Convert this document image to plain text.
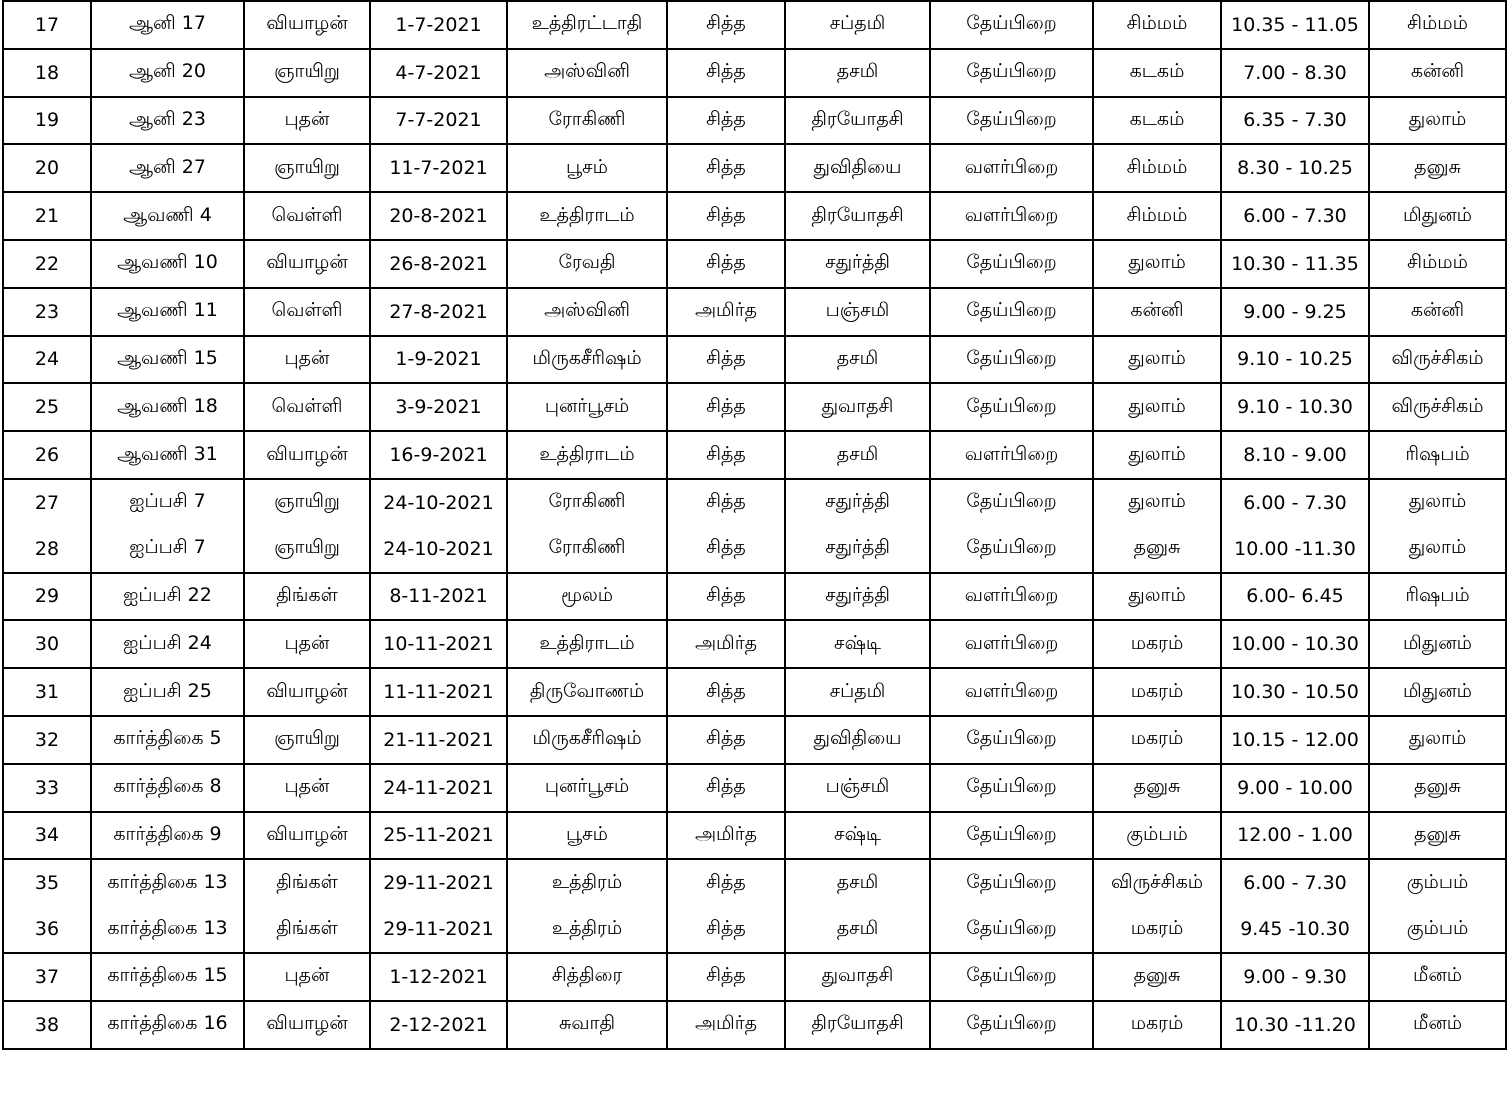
17	ஆனி 17	வியாழன்	1-7-2021	உத்திரட்டாதி	சித்த	சப்தமி	தேய்பிறை	சிம்மம்	10.35 - 11.05	சிம்மம்
18	ஆனி 20	ஞாயிறு	4-7-2021	அஸ்வினி	சித்த	தசமி	தேய்பிறை	கடகம்	7.00 - 8.30	கன்னி
19	ஆனி 23	புதன்	7-7-2021	ரோகிணி	சித்த	திரயோதசி	தேய்பிறை	கடகம்	6.35 - 7.30	துலாம்
20	ஆனி 27	ஞாயிறு	11-7-2021	பூசம்	சித்த	துவிதியை	வளர்பிறை	சிம்மம்	8.30 - 10.25	தனுசு
21	ஆவணி 4	வெள்ளி	20-8-2021	உத்திராடம்	சித்த	திரயோதசி	வளர்பிறை	சிம்மம்	6.00 - 7.30	மிதுனம்
22	ஆவணி 10	வியாழன்	26-8-2021	ரேவதி	சித்த	சதுர்த்தி	தேய்பிறை	துலாம்	10.30 - 11.35	சிம்மம்
23	ஆவணி 11	வெள்ளி	27-8-2021	அஸ்வினி	அமிர்த	பஞ்சமி	தேய்பிறை	கன்னி	9.00 - 9.25	கன்னி
24	ஆவணி 15	புதன்	1-9-2021	மிருகசீரிஷம்	சித்த	தசமி	தேய்பிறை	துலாம்	9.10 - 10.25	விருச்சிகம்
25	ஆவணி 18	வெள்ளி	3-9-2021	புனர்பூசம்	சித்த	துவாதசி	தேய்பிறை	துலாம்	9.10 - 10.30	விருச்சிகம்
26	ஆவணி 31	வியாழன்	16-9-2021	உத்திராடம்	சித்த	தசமி	வளர்பிறை	துலாம்	8.10 - 9.00	ரிஷபம்
27	ஐப்பசி 7	ஞாயிறு	24-10-2021	ரோகிணி	சித்த	சதுர்த்தி	தேய்பிறை	துலாம்	6.00 - 7.30	துலாம்
28	ஐப்பசி 7	ஞாயிறு	24-10-2021	ரோகிணி	சித்த	சதுர்த்தி	தேய்பிறை	தனுசு	10.00 -11.30	துலாம்
29	ஐப்பசி 22	திங்கள்	8-11-2021	மூலம்	சித்த	சதுர்த்தி	வளர்பிறை	துலாம்	6.00- 6.45	ரிஷபம்
30	ஐப்பசி 24	புதன்	10-11-2021	உத்திராடம்	அமிர்த	சஷ்டி	வளர்பிறை	மகரம்	10.00 - 10.30	மிதுனம்
31	ஐப்பசி 25	வியாழன்	11-11-2021	திருவோணம்	சித்த	சப்தமி	வளர்பிறை	மகரம்	10.30 - 10.50	மிதுனம்
32	கார்த்திகை 5	ஞாயிறு	21-11-2021	மிருகசீரிஷம்	சித்த	துவிதியை	தேய்பிறை	மகரம்	10.15 - 12.00	துலாம்
33	கார்த்திகை 8	புதன்	24-11-2021	புனர்பூசம்	சித்த	பஞ்சமி	தேய்பிறை	தனுசு	9.00 - 10.00	தனுசு
34	கார்த்திகை 9	வியாழன்	25-11-2021	பூசம்	அமிர்த	சஷ்டி	தேய்பிறை	கும்பம்	12.00 - 1.00	தனுசு
35	கார்த்திகை 13	திங்கள்	29-11-2021	உத்திரம்	சித்த	தசமி	தேய்பிறை	விருச்சிகம்	6.00 - 7.30	கும்பம்
36	கார்த்திகை 13	திங்கள்	29-11-2021	உத்திரம்	சித்த	தசமி	தேய்பிறை	மகரம்	9.45 -10.30	கும்பம்
37	கார்த்திகை 15	புதன்	1-12-2021	சித்திரை	சித்த	துவாதசி	தேய்பிறை	தனுசு	9.00 - 9.30	மீனம்
38	கார்த்திகை 16	வியாழன்	2-12-2021	சுவாதி	அமிர்த	திரயோதசி	தேய்பிறை	மகரம்	10.30 -11.20	மீனம்
